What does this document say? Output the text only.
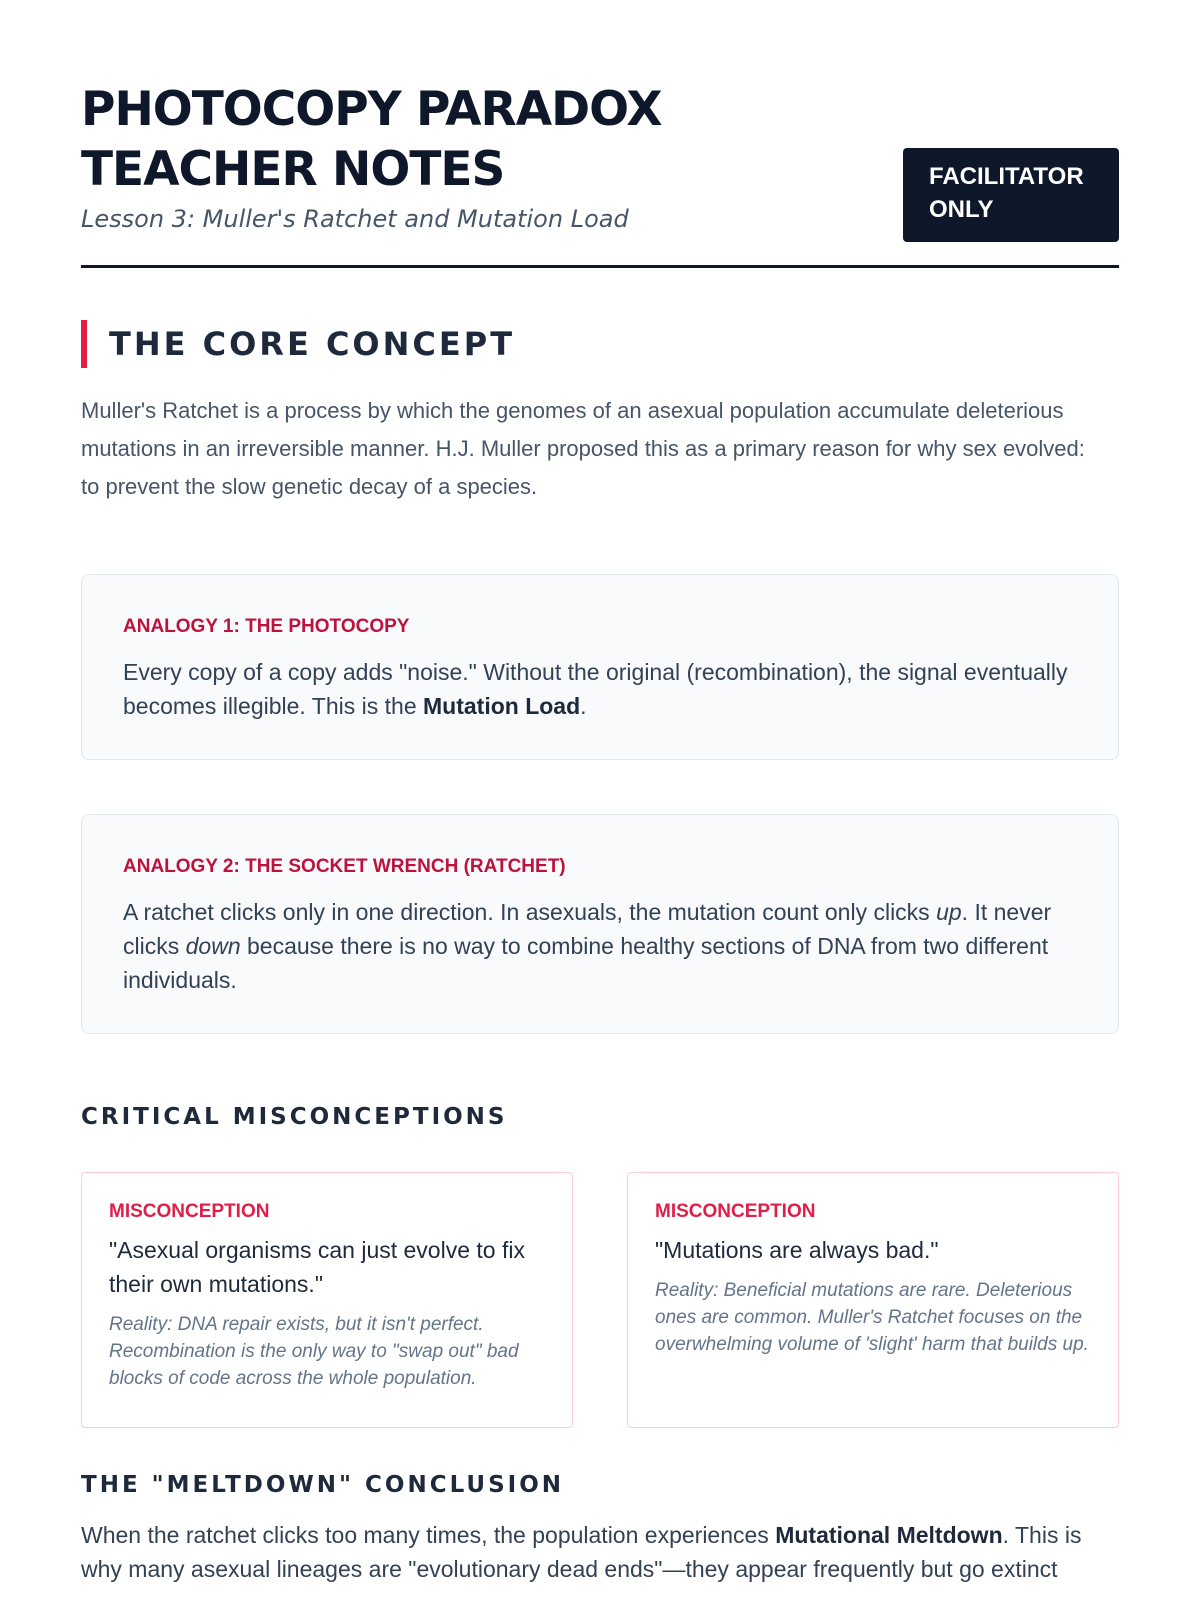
PHOTOCOPY PARADOX
TEACHER NOTES
Lesson 3: Muller's Ratchet and Mutation Load
FACILITATOR
ONLY
THE CORE CONCEPT

Muller's Ratchet is a process by which the genomes of an asexual population accumulate deleterious mutations in an irreversible manner. H.J. Muller proposed this as a primary reason for why sex evolved: to prevent the slow genetic decay of a species.

ANALOGY 1: THE PHOTOCOPY
Every copy of a copy adds "noise." Without the original (recombination), the signal eventually becomes illegible. This is the Mutation Load.
ANALOGY 2: THE SOCKET WRENCH (RATCHET)
A ratchet clicks only in one direction. In asexuals, the mutation count only clicks up. It never clicks down because there is no way to combine healthy sections of DNA from two different individuals.
CRITICAL MISCONCEPTIONS
MISCONCEPTION
"Asexual organisms can just evolve to fix their own mutations."
Reality: DNA repair exists, but it isn't perfect. Recombination is the only way to "swap out" bad blocks of code across the whole population.
MISCONCEPTION
"Mutations are always bad."
Reality: Beneficial mutations are rare. Deleterious ones are common. Muller's Ratchet focuses on the overwhelming volume of 'slight' harm that builds up.
THE "MELTDOWN" CONCLUSION
When the ratchet clicks too many times, the population experiences Mutational Meltdown. This is why many asexual lineages are "evolutionary dead ends"—they appear frequently but go extinct
